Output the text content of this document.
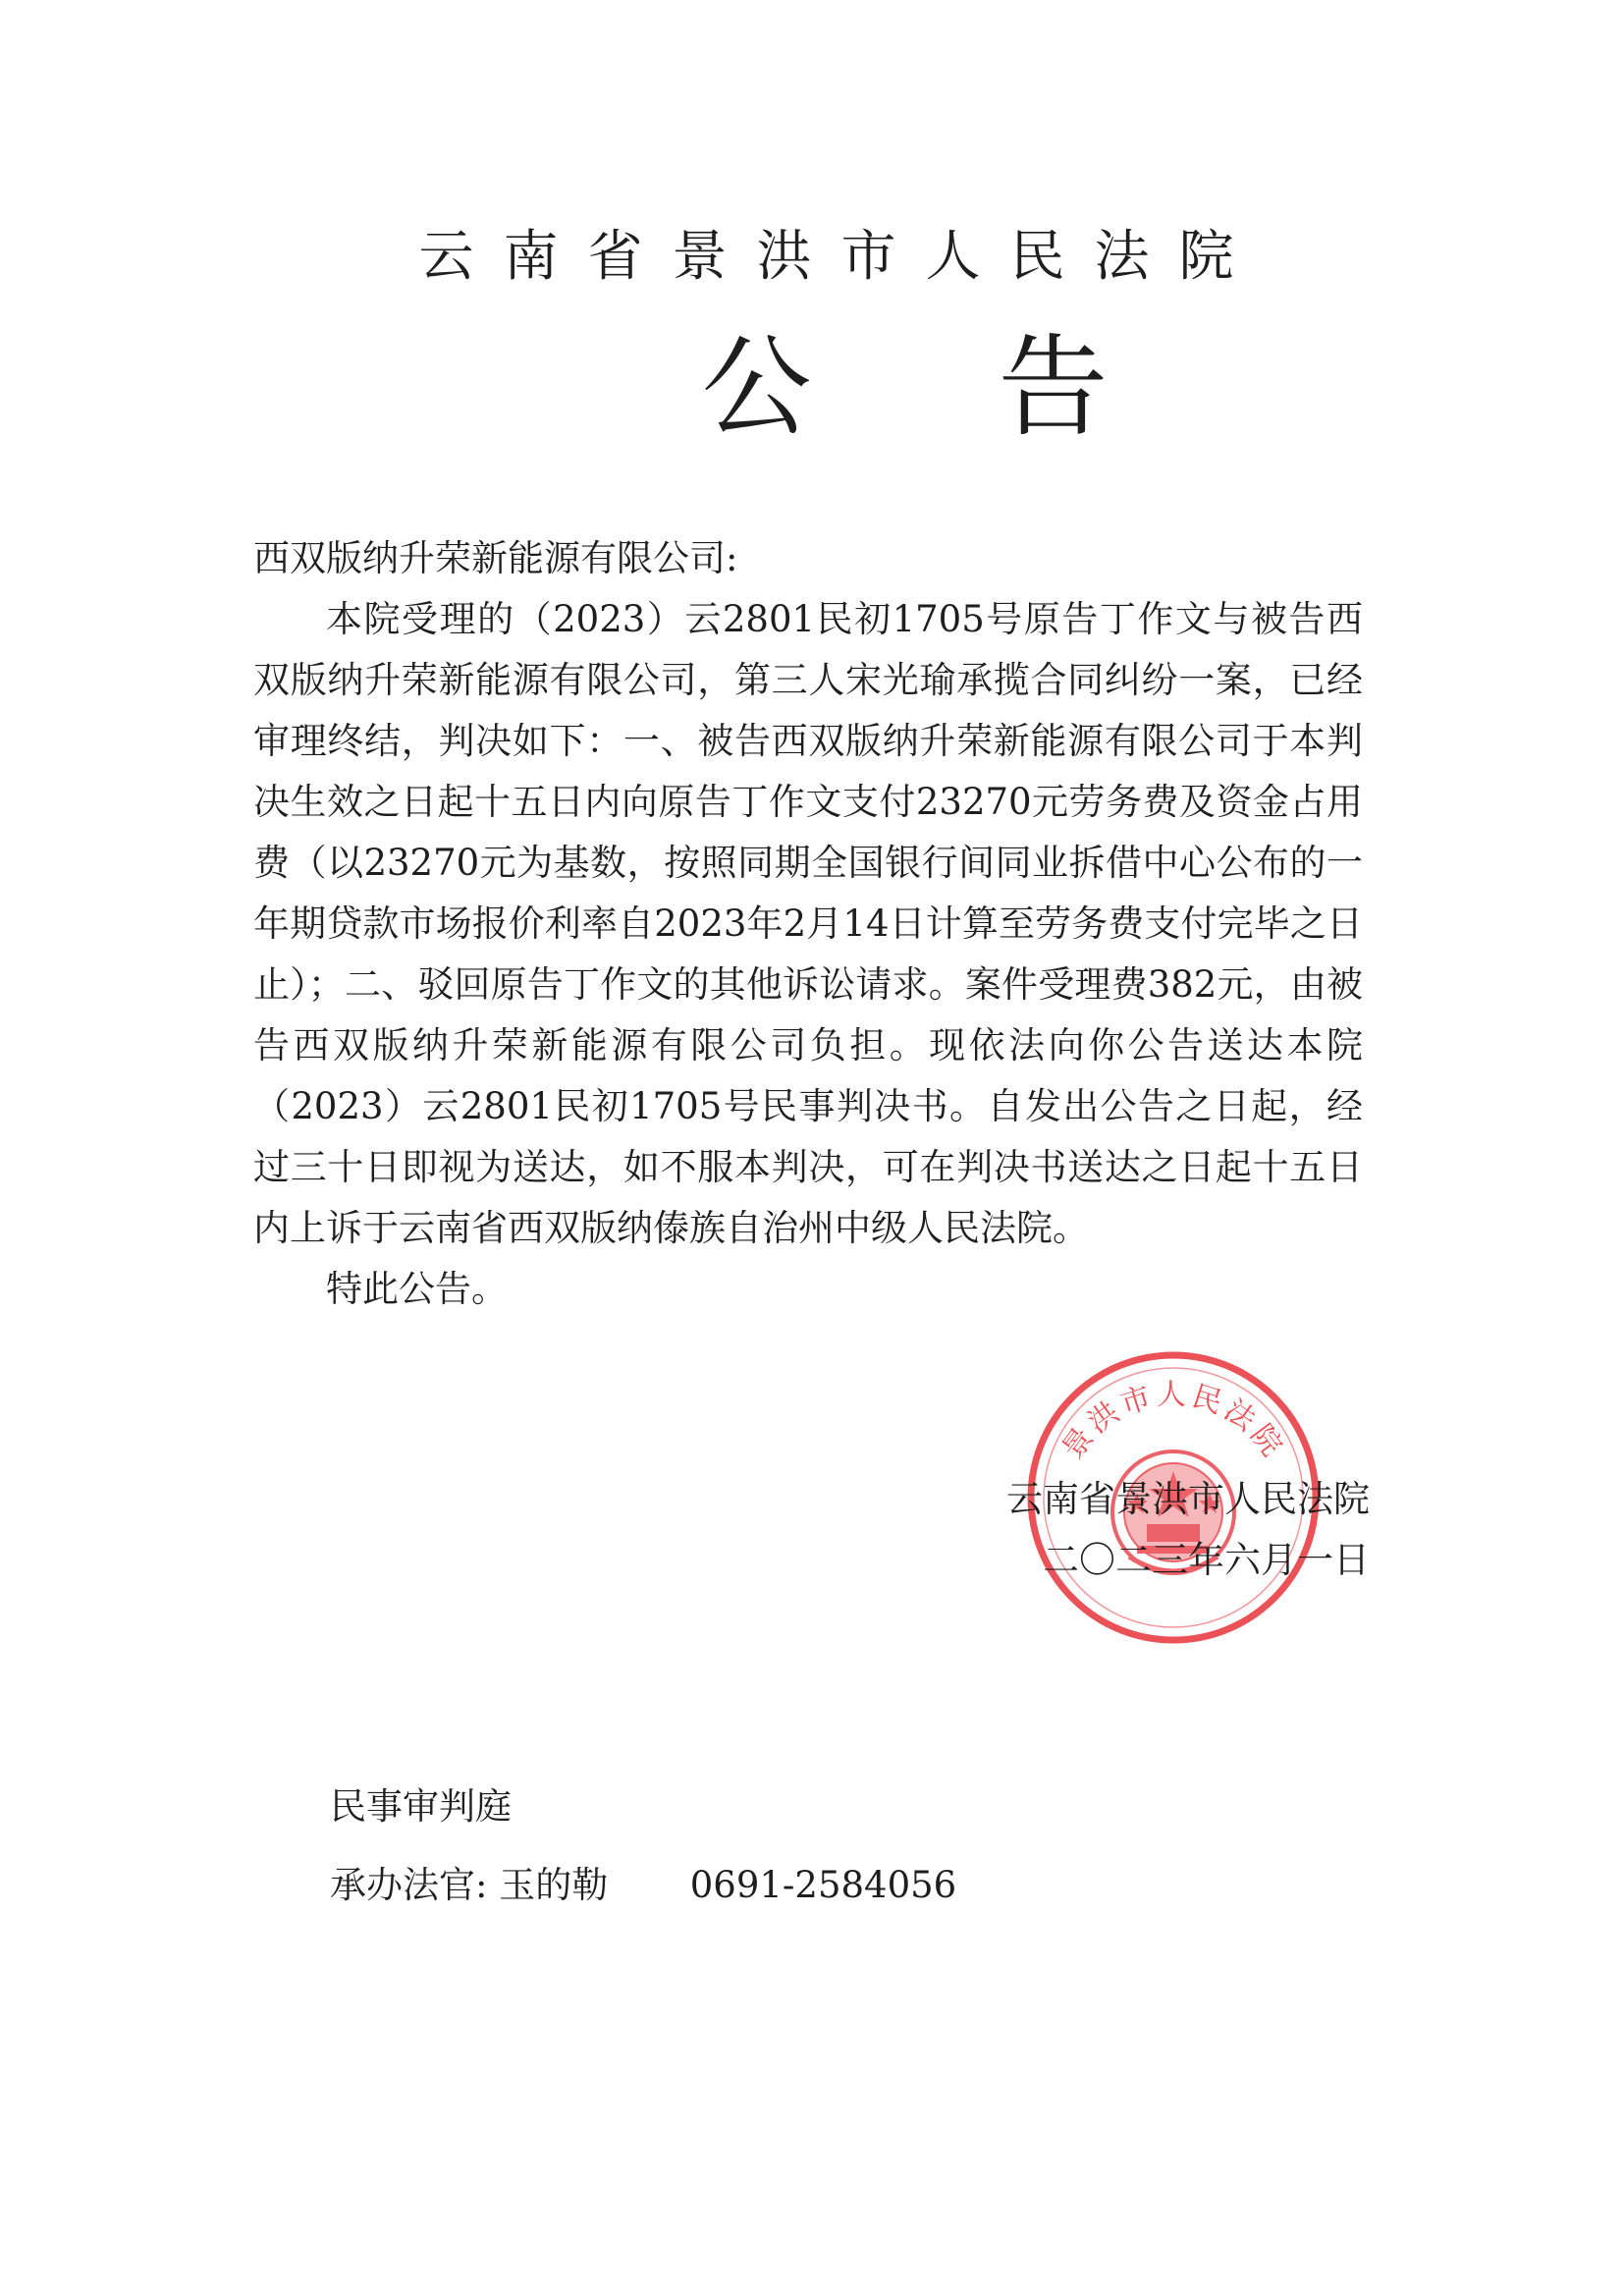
云南省景洪市人民法院
公告

西双版纳升荣新能源有限公司:

本院受理的（2023）云2801民初1705号原告丁作文与被告西双版纳升荣新能源有限公司，第三人宋光瑜承揽合同纠纷一案，已经审理终结，判决如下：一、被告西双版纳升荣新能源有限公司于本判决生效之日起十五日内向原告丁作文支付23270元劳务费及资金占用费（以23270元为基数，按照同期全国银行间同业拆借中心公布的一年期贷款市场报价利率自2023年2月14日计算至劳务费支付完毕之日止）；二、驳回原告丁作文的其他诉讼请求。案件受理费382元，由被告西双版纳升荣新能源有限公司负担。现依法向你公告送达本院（2023）云2801民初1705号民事判决书。自发出公告之日起，经过三十日即视为送达，如不服本判决，可在判决书送达之日起十五日内上诉于云南省西双版纳傣族自治州中级人民法院。

特此公告。

景洪市人民法院
云南省景洪市人民法院
二〇二三年六月一日
民事审判庭
承办法官: 玉的勒 0691-2584056
